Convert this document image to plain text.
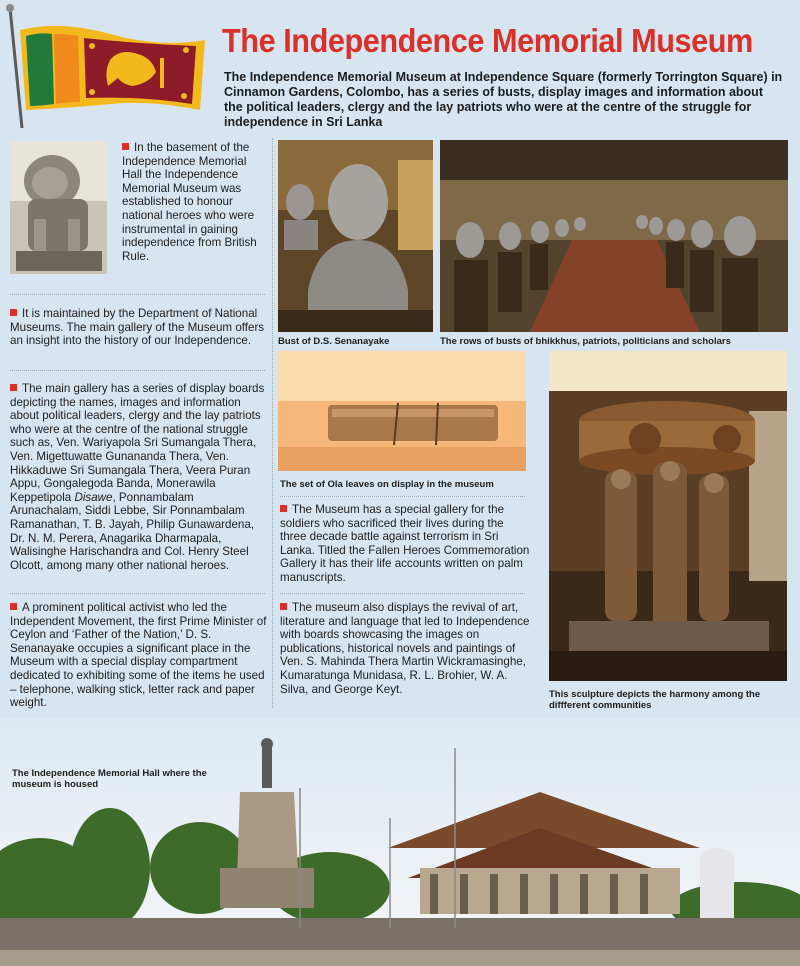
The Independence Memorial Museum
The Independence Memorial Museum at Independence Square (formerly Torrington Square) in Cinnamon Gardens, Colombo, has a series of busts, display images and information about the political leaders, clergy and the lay patriots who were at the centre of the struggle for independence in Sri Lanka
In the basement of the Independence Memorial Hall the Independence Memorial Museum was established to honour national heroes who were instrumental in gaining independence from British Rule.
It is maintained by the Department of National Museums. The main gallery of the Museum offers an insight into the history of our Independence.
The main gallery has a series of display boards depicting the names, images and information about political leaders, clergy and the lay patriots who were at the centre of the national struggle such as, Ven. Wariyapola Sri Sumangala Thera, Ven. Migettuwatte Gunananda Thera, Ven. Hikkaduwe Sri Sumangala Thera, Veera Puran Appu, Gongalegoda Banda, Monerawila Keppetipola Disawe, Ponnambalam Arunachalam, Siddi Lebbe, Sir Ponnambalam Ramanathan, T. B. Jayah, Philip Gunawardena, Dr. N. M. Perera, Anagarika Dharmapala, Walisinghe Harischandra and Col. Henry Steel Olcott, among many other national heroes.
A prominent political activist who led the Independent Movement, the first Prime Minister of Ceylon and ‘Father of the Nation,’ D. S. Senanayake occupies a significant place in the Museum with a special display compartment dedicated to exhibiting some of the items he used – telephone, walking stick, letter rack and paper weight.
Bust of D.S. Senanayake	The rows of busts of bhikkhus, patriots, politicians and scholars
The set of Ola leaves on display in the museum
The Museum has a special gallery for the soldiers who sacrificed their lives during the three decade battle against terrorism in Sri Lanka. Titled the Fallen Heroes Commemoration Gallery it has their life accounts written on palm manuscripts.
The museum also displays the revival of art, literature and language that led to Independence with boards showcasing the images on publications, historical novels and paintings of Ven. S. Mahinda Thera Martin Wickramasinghe, Kumaratunga Munidasa, R. L. Brohier, W. A. Silva, and George Keyt.	This sculpture depicts the harmony among the diffferent communities
The Independence Memorial Hall where the museum is housed
